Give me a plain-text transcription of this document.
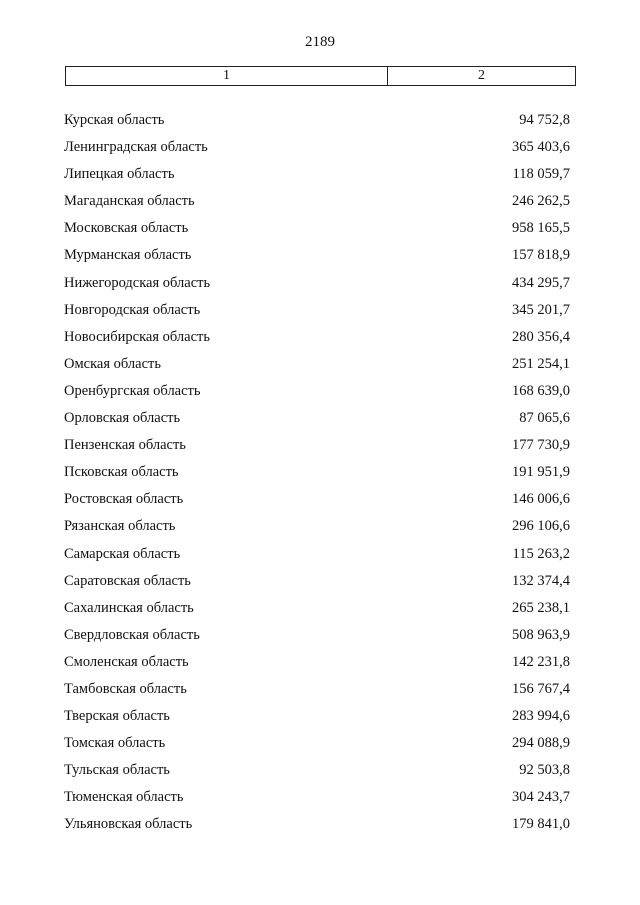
2189
1	2
Курская область	94 752,8
Ленинградская область	365 403,6
Липецкая область	118 059,7
Магаданская область	246 262,5
Московская область	958 165,5
Мурманская область	157 818,9
Нижегородская область	434 295,7
Новгородская область	345 201,7
Новосибирская область	280 356,4
Омская область	251 254,1
Оренбургская область	168 639,0
Орловская область	87 065,6
Пензенская область	177 730,9
Псковская область	191 951,9
Ростовская область	146 006,6
Рязанская область	296 106,6
Самарская область	115 263,2
Саратовская область	132 374,4
Сахалинская область	265 238,1
Свердловская область	508 963,9
Смоленская область	142 231,8
Тамбовская область	156 767,4
Тверская область	283 994,6
Томская область	294 088,9
Тульская область	92 503,8
Тюменская область	304 243,7
Ульяновская область	179 841,0
